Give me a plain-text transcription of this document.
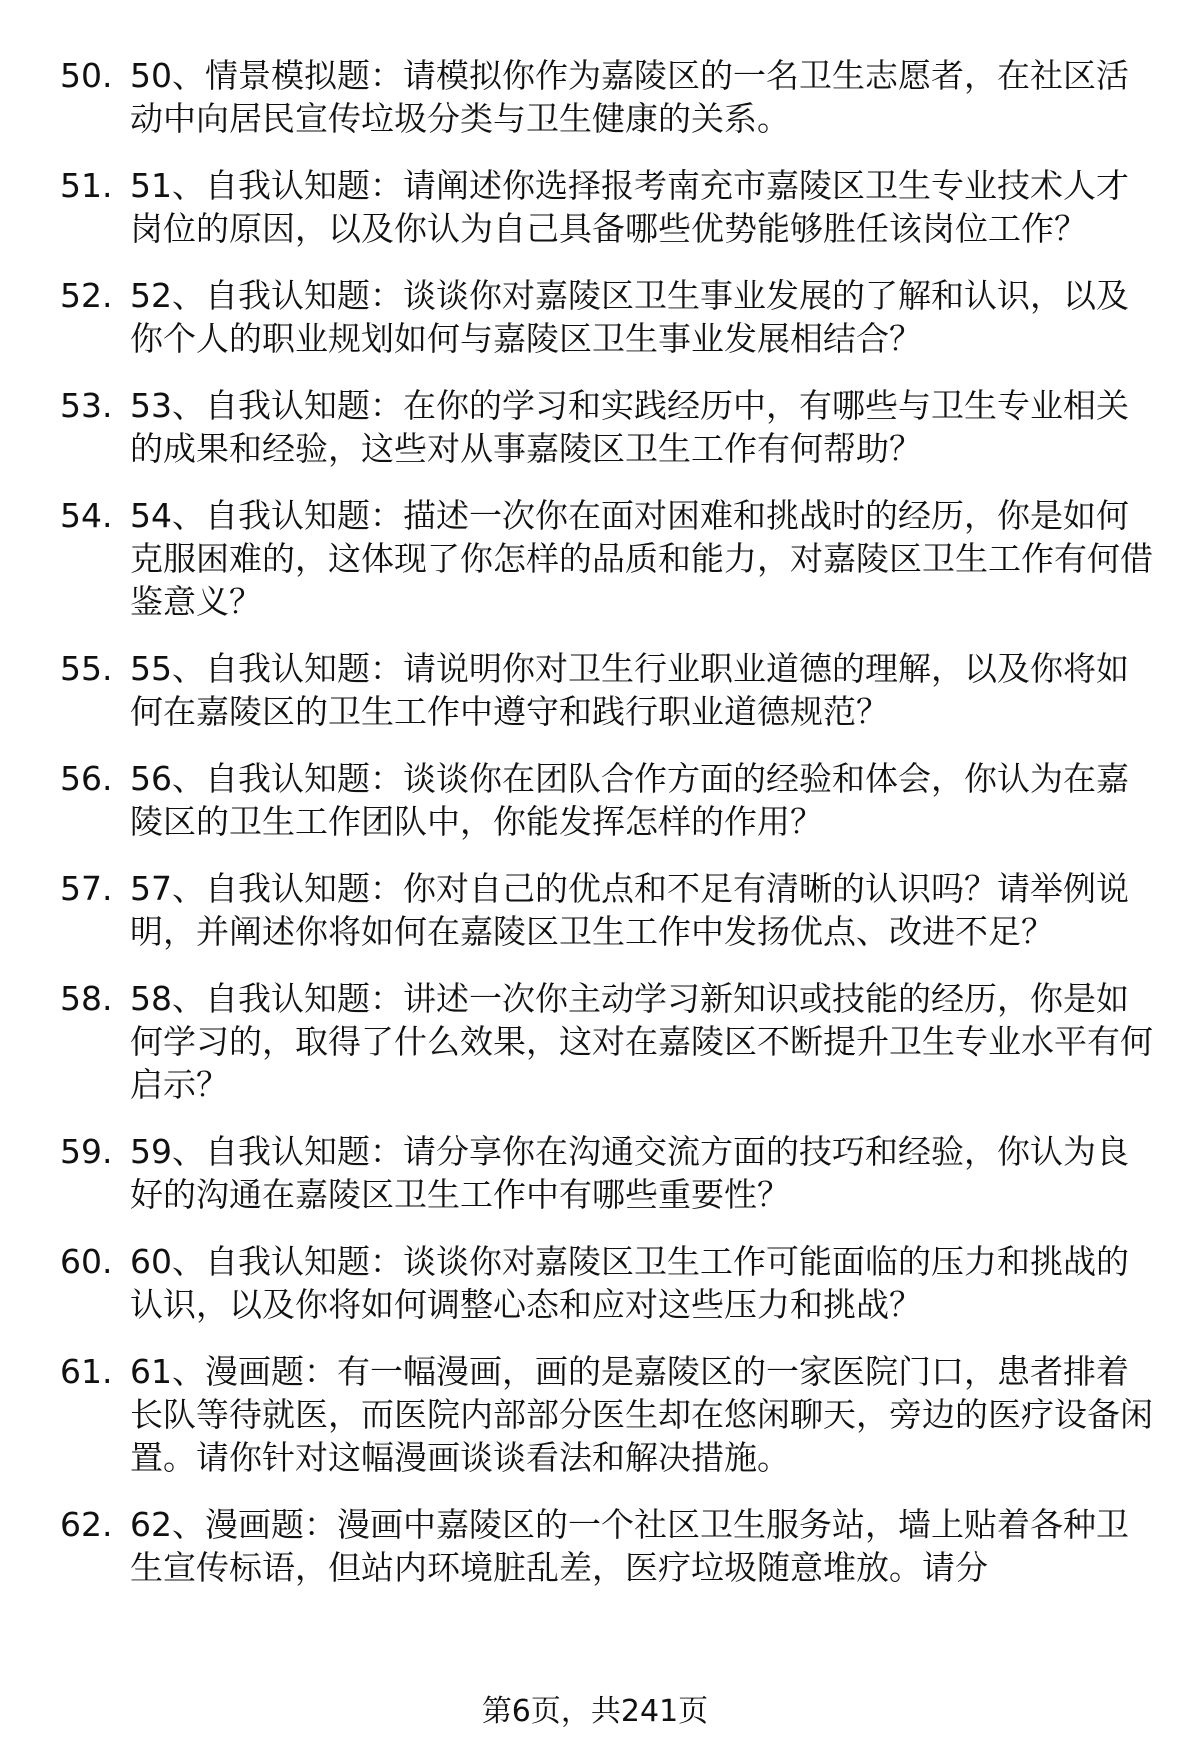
50. 50、情景模拟题：请模拟你作为嘉陵区的一名卫生志愿者，在社区活动中向居民宣传垃圾分类与卫生健康的关系。
51. 51、自我认知题：请阐述你选择报考南充市嘉陵区卫生专业技术人才岗位的原因，以及你认为自己具备哪些优势能够胜任该岗位工作？
52. 52、自我认知题：谈谈你对嘉陵区卫生事业发展的了解和认识，以及你个人的职业规划如何与嘉陵区卫生事业发展相结合？
53. 53、自我认知题：在你的学习和实践经历中，有哪些与卫生专业相关的成果和经验，这些对从事嘉陵区卫生工作有何帮助？
54. 54、自我认知题：描述一次你在面对困难和挑战时的经历，你是如何克服困难的，这体现了你怎样的品质和能力，对嘉陵区卫生工作有何借鉴意义？
55. 55、自我认知题：请说明你对卫生行业职业道德的理解，以及你将如何在嘉陵区的卫生工作中遵守和践行职业道德规范？
56. 56、自我认知题：谈谈你在团队合作方面的经验和体会，你认为在嘉陵区的卫生工作团队中，你能发挥怎样的作用？
57. 57、自我认知题：你对自己的优点和不足有清晰的认识吗？请举例说明，并阐述你将如何在嘉陵区卫生工作中发扬优点、改进不足？
58. 58、自我认知题：讲述一次你主动学习新知识或技能的经历，你是如何学习的，取得了什么效果，这对在嘉陵区不断提升卫生专业水平有何启示？
59. 59、自我认知题：请分享你在沟通交流方面的技巧和经验，你认为良好的沟通在嘉陵区卫生工作中有哪些重要性？
60. 60、自我认知题：谈谈你对嘉陵区卫生工作可能面临的压力和挑战的认识，以及你将如何调整心态和应对这些压力和挑战？
61. 61、漫画题：有一幅漫画，画的是嘉陵区的一家医院门口，患者排着长队等待就医，而医院内部部分医生却在悠闲聊天，旁边的医疗设备闲置。请你针对这幅漫画谈谈看法和解决措施。
62. 62、漫画题：漫画中嘉陵区的一个社区卫生服务站，墙上贴着各种卫生宣传标语，但站内环境脏乱差，医疗垃圾随意堆放。请分
第6页，共241页
